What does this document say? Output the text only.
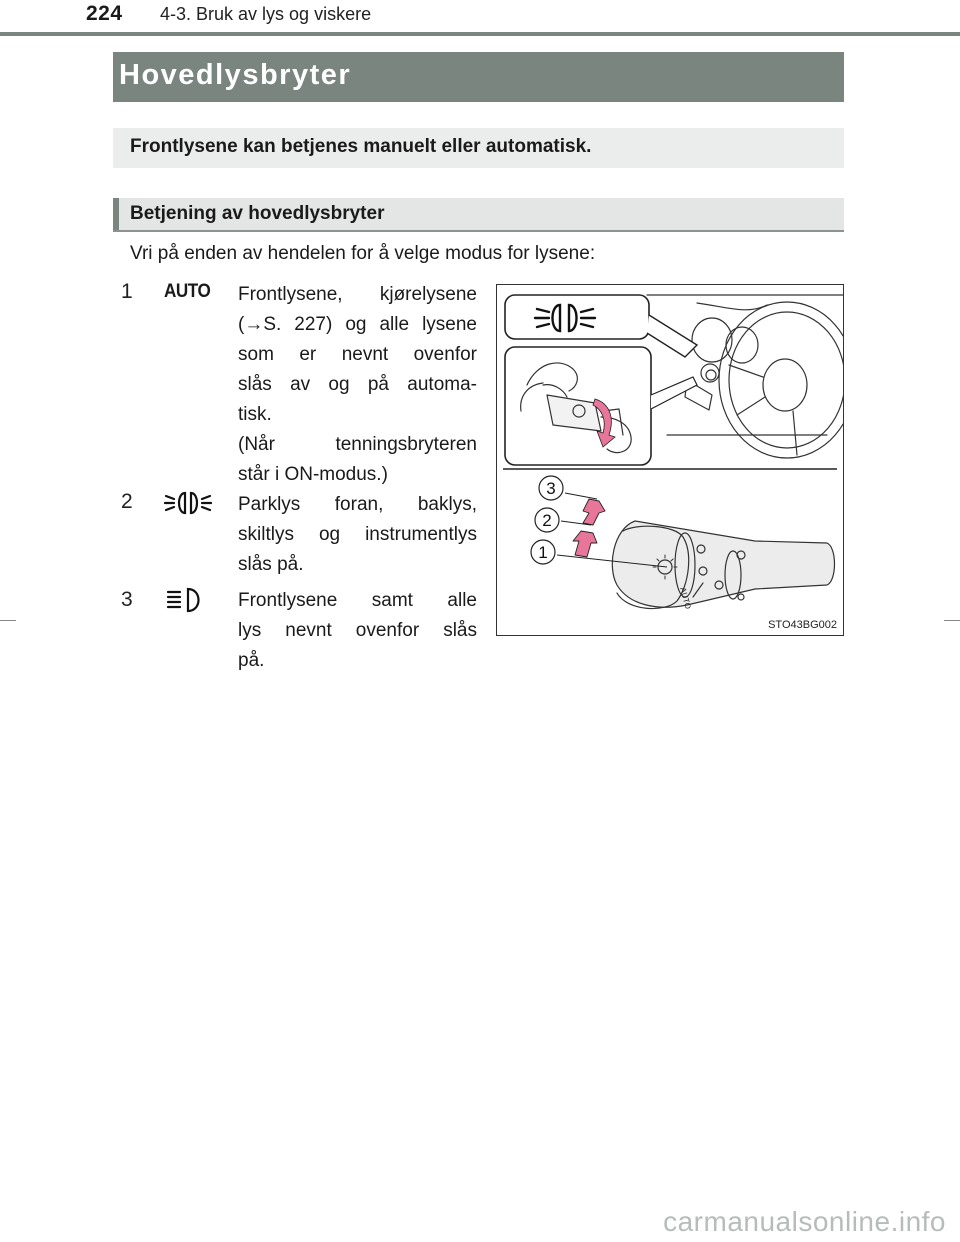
224 4-3. Bruk av lys og viskere
Hovedlysbryter
Frontlysene kan betjenes manuelt eller automatisk.
Betjening av hovedlysbryter
Vri på enden av hendelen for å velge modus for lysene:
1 AUTO Frontlysene, kjørelysene
(→S. 227) og alle lysene
som er nevnt ovenfor
slås av og på automa-
tisk.
(Når tenningsbryteren
står i ON-modus.)
2	Parklys foran, baklys,
skiltlys og instrumentlys
slås på.
3	Frontlysene samt alle
lys nevnt ovenfor slås
på.
AUTO
3
2
1
STO43BG002
carmanualsonline.info
